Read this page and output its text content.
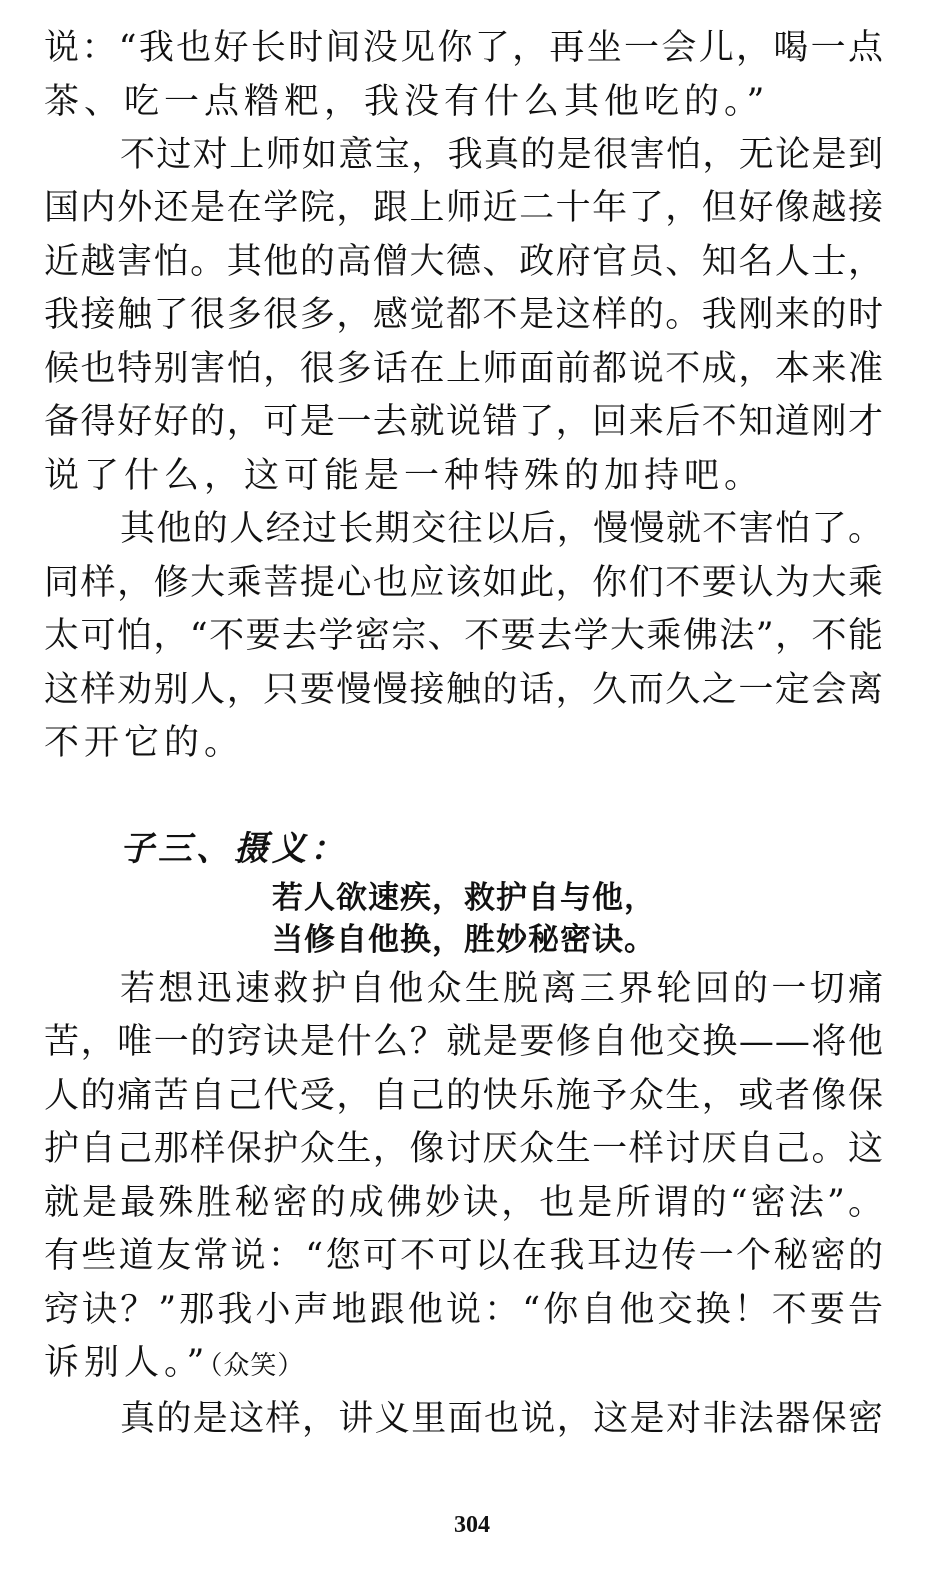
说：“我也好长时间没见你了，再坐一会儿，喝一点
茶、吃一点糌粑，我没有什么其他吃的。”
不过对上师如意宝，我真的是很害怕，无论是到
国内外还是在学院，跟上师近二十年了，但好像越接
近越害怕。其他的高僧大德、政府官员、知名人士，
我接触了很多很多，感觉都不是这样的。我刚来的时
候也特别害怕，很多话在上师面前都说不成，本来准
备得好好的，可是一去就说错了，回来后不知道刚才
说了什么，这可能是一种特殊的加持吧。
其他的人经过长期交往以后，慢慢就不害怕了。
同样，修大乘菩提心也应该如此，你们不要认为大乘
太可怕，“不要去学密宗、不要去学大乘佛法”，不能
这样劝别人，只要慢慢接触的话，久而久之一定会离
不开它的。
子三、摄义：
若人欲速疾，救护自与他，
当修自他换，胜妙秘密诀。
若想迅速救护自他众生脱离三界轮回的一切痛
苦，唯一的窍诀是什么？就是要修自他交换——将他
人的痛苦自己代受，自己的快乐施予众生，或者像保
护自己那样保护众生，像讨厌众生一样讨厌自己。这
就是最殊胜秘密的成佛妙诀，也是所谓的“密法”。
有些道友常说：“您可不可以在我耳边传一个秘密的
窍诀？”那我小声地跟他说：“你自他交换！不要告
诉别人。”（众笑）
真的是这样，讲义里面也说，这是对非法器保密
304
